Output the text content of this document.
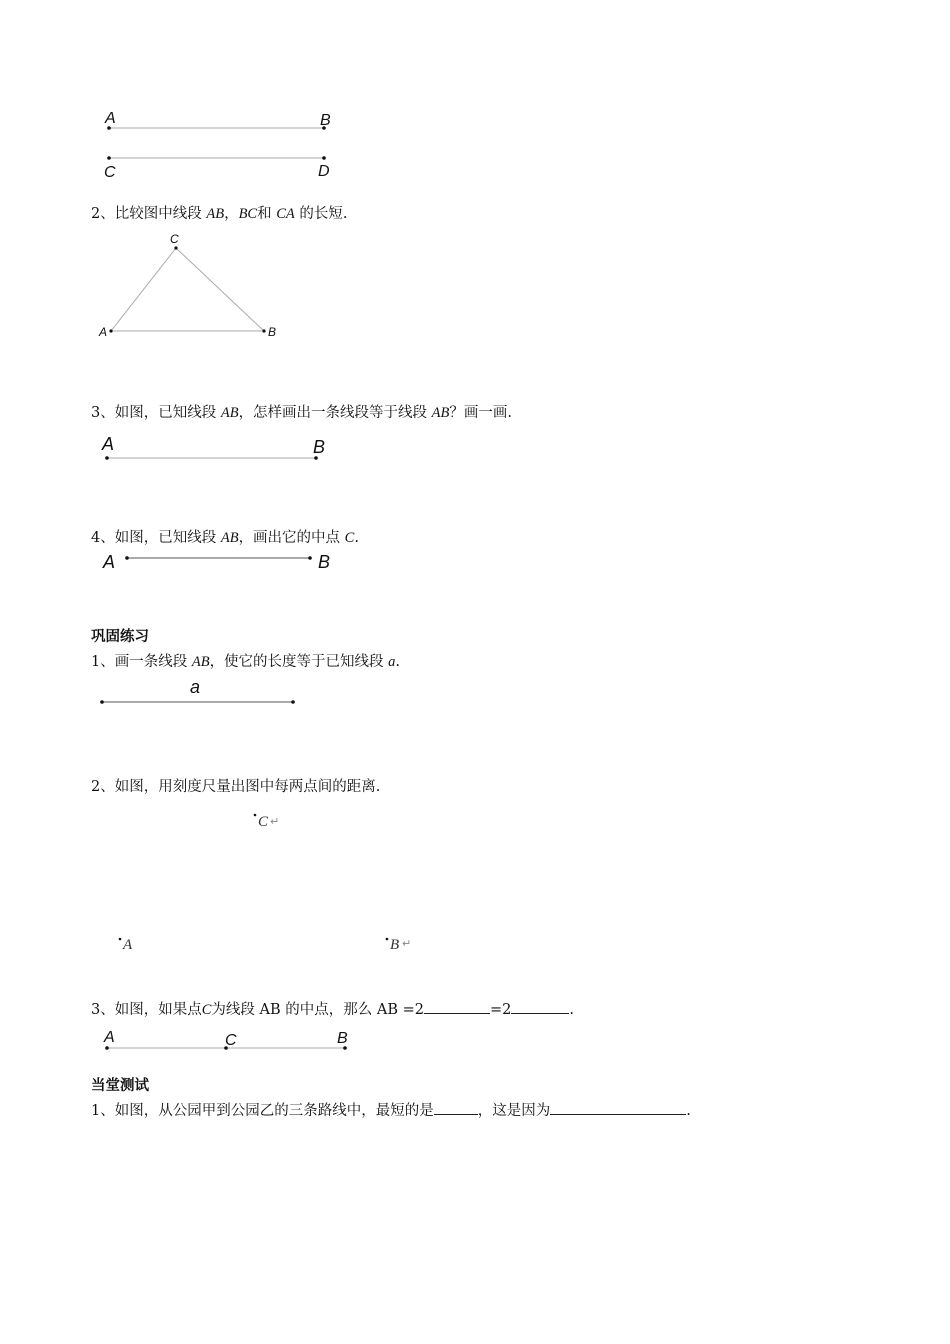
A	B
C	D
2、比较图中线段 AB，BC和 CA 的长短.
A	B
C
3、如图，已知线段 AB，怎样画出一条线段等于线段 AB？画一画.
A	B
4、如图，已知线段 AB，画出它的中点 C.
A	B
巩固练习
1、画一条线段 AB，使它的长度等于已知线段 a.
a
2、如图，用刻度尺量出图中每两点间的距离.
C ↵
A	B ↵
3、如图，如果点C为线段 AB 的中点，那么 AB =2	=2	.
A	C	B
当堂测试
1、如图，从公园甲到公园乙的三条路线中，最短的是	，这是因为	.
